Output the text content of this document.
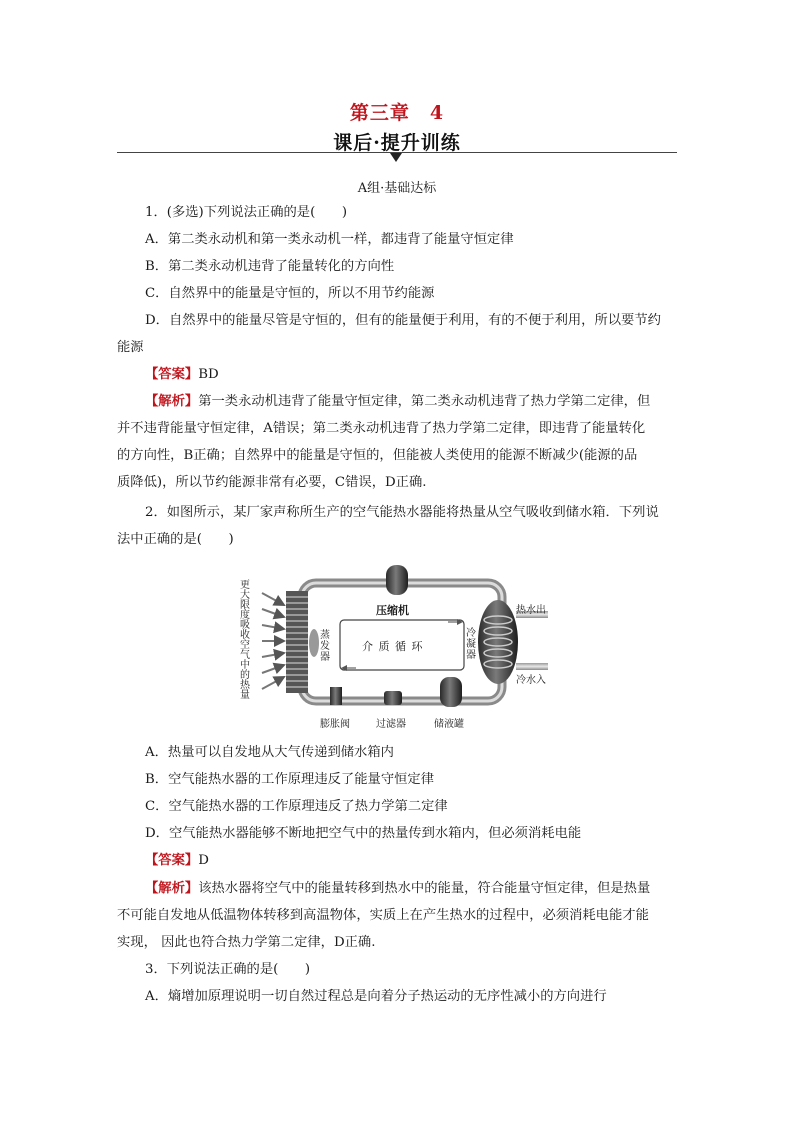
第三章　4
课后·提升训练
A组·基础达标
1．(多选)下列说法正确的是(　　)
A．第二类永动机和第一类永动机一样，都违背了能量守恒定律
B．第二类永动机违背了能量转化的方向性
C．自然界中的能量是守恒的，所以不用节约能源
D．自然界中的能量尽管是守恒的，但有的能量便于利用，有的不便于利用，所以要节约
能源
【答案】BD
【解析】第一类永动机违背了能量守恒定律，第二类永动机违背了热力学第二定律，但
并不违背能量守恒定律，A错误；第二类永动机违背了热力学第二定律，即违背了能量转化
的方向性，B正确；自然界中的能量是守恒的，但能被人类使用的能源不断减少(能源的品
质降低)，所以节约能源非常有必要，C错误，D正确.
2．如图所示，某厂家声称所生产的空气能热水器能将热量从空气吸收到储水箱．下列说
法中正确的是(　　)
更大限度吸收空气中的热量
压缩机
蒸发器
介 质 循 环
冷凝器
热水出
冷水入
膨胀阀	过滤器	储液罐
A．热量可以自发地从大气传递到储水箱内
B．空气能热水器的工作原理违反了能量守恒定律
C．空气能热水器的工作原理违反了热力学第二定律
D．空气能热水器能够不断地把空气中的热量传到水箱内，但必须消耗电能
【答案】D
【解析】该热水器将空气中的能量转移到热水中的能量，符合能量守恒定律，但是热量
不可能自发地从低温物体转移到高温物体，实质上在产生热水的过程中，必须消耗电能才能
实现， 因此也符合热力学第二定律，D正确.
3．下列说法正确的是(　　)
A．熵增加原理说明一切自然过程总是向着分子热运动的无序性减小的方向进行
